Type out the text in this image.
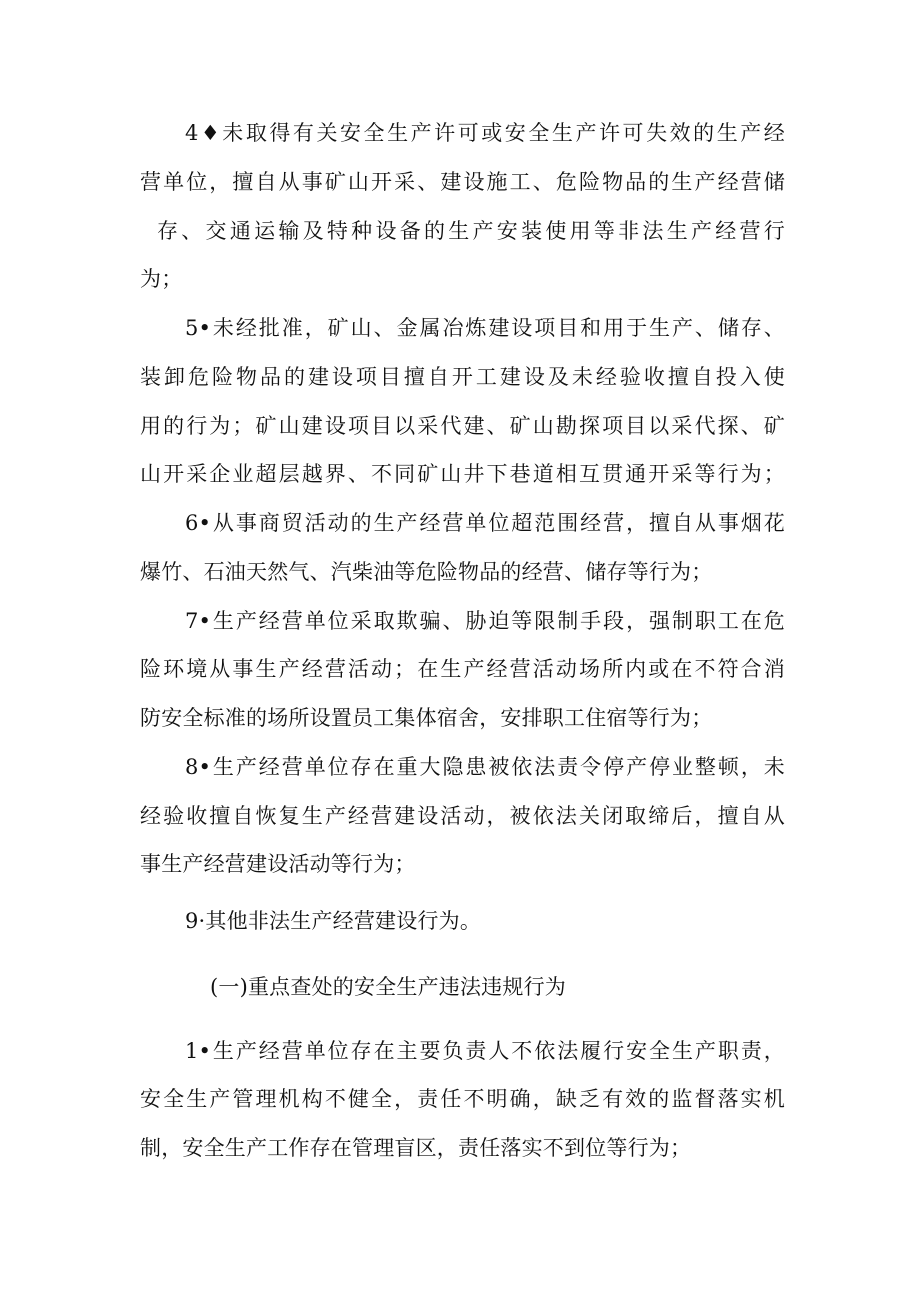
4♦未取得有关安全生产许可或安全生产许可失效的生产经
营单位，擅自从事矿山开采、建设施工、危险物品的生产经营储
存、交通运输及特种设备的生产安装使用等非法生产经营行
为；
5•未经批准，矿山、金属冶炼建设项目和用于生产、储存、
装卸危险物品的建设项目擅自开工建设及未经验收擅自投入使
用的行为；矿山建设项目以采代建、矿山勘探项目以采代探、矿
山开采企业超层越界、不同矿山井下巷道相互贯通开采等行为；
6•从事商贸活动的生产经营单位超范围经营，擅自从事烟花
爆竹、石油天然气、汽柴油等危险物品的经营、储存等行为；
7•生产经营单位采取欺骗、胁迫等限制手段，强制职工在危
险环境从事生产经营活动；在生产经营活动场所内或在不符合消
防安全标准的场所设置员工集体宿舍，安排职工住宿等行为；
8•生产经营单位存在重大隐患被依法责令停产停业整顿，未
经验收擅自恢复生产经营建设活动，被依法关闭取缔后，擅自从
事生产经营建设活动等行为；
9·其他非法生产经营建设行为。
(一)重点查处的安全生产违法违规行为
1•生产经营单位存在主要负责人不依法履行安全生产职责，
安全生产管理机构不健全，责任不明确，缺乏有效的监督落实机
制，安全生产工作存在管理盲区，责任落实不到位等行为；
